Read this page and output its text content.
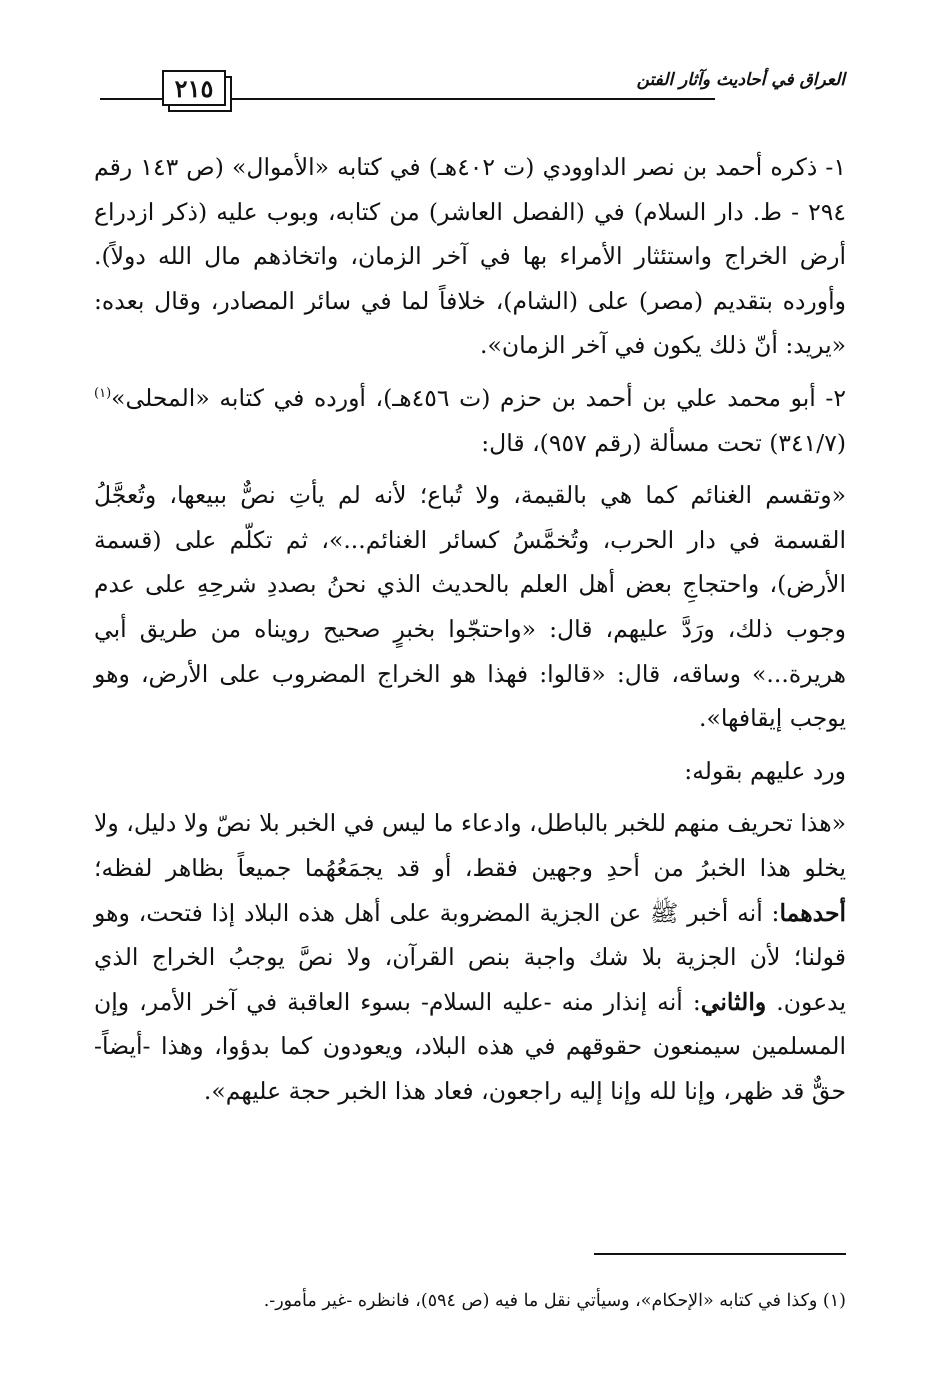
٢١٥	العراق في أحاديث وآثار الفتن

١- ذكره أحمد بن نصر الداوودي (ت ٤٠٢هـ) في كتابه «الأموال» (ص ١٤٣ رقم ٢٩٤ - ط. دار السلام) في (الفصل العاشر) من كتابه، وبوب عليه (ذكر ازدراع أرض الخراج واستئثار الأمراء بها في آخر الزمان، واتخاذهم مال الله دولاً). وأورده بتقديم (مصر) على (الشام)، خلافاً لما في سائر المصادر، وقال بعده: «يريد: أنّ ذلك يكون في آخر الزمان».

٢- أبو محمد علي بن أحمد بن حزم (ت ٤٥٦هـ)، أورده في كتابه «المحلى»$^{(١)}$ (٣٤١/٧) تحت مسألة (رقم ٩٥٧)، قال:

«وتقسم الغنائم كما هي بالقيمة، ولا تُباع؛ لأنه لم يأتِ نصٌّ ببيعها، وتُعجَّلُ القسمة في دار الحرب، وتُخمَّسُ كسائر الغنائم...»، ثم تكلّم على (قسمة الأرض)، واحتجاجِ بعض أهل العلم بالحديث الذي نحنُ بصددِ شرحِهِ على عدم وجوب ذلك، ورَدَّ عليهم، قال: «واحتجّوا بخبرٍ صحيح رويناه من طريق أبي هريرة...» وساقه، قال: «قالوا: فهذا هو الخراج المضروب على الأرض، وهو يوجب إيقافها».

ورد عليهم بقوله:

«هذا تحريف منهم للخبر بالباطل، وادعاء ما ليس في الخبر بلا نصّ ولا دليل، ولا يخلو هذا الخبرُ من أحدِ وجهين فقط، أو قد يجمَعُهُما جميعاً بظاهر لفظه؛ أحدهما: أنه أخبر ﷺ عن الجزية المضروبة على أهل هذه البلاد إذا فتحت، وهو قولنا؛ لأن الجزية بلا شك واجبة بنص القرآن، ولا نصَّ يوجبُ الخراج الذي يدعون. والثاني: أنه إنذار منه -عليه السلام- بسوء العاقبة في آخر الأمر، وإن المسلمين سيمنعون حقوقهم في هذه البلاد، ويعودون كما بدؤوا، وهذا -أيضاً- حقٌّ قد ظهر، وإنا لله وإنا إليه راجعون، فعاد هذا الخبر حجة عليهم».

(١) وكذا في كتابه «الإحكام»، وسيأتي نقل ما فيه (ص ٥٩٤)، فانظره -غير مأمور-.
